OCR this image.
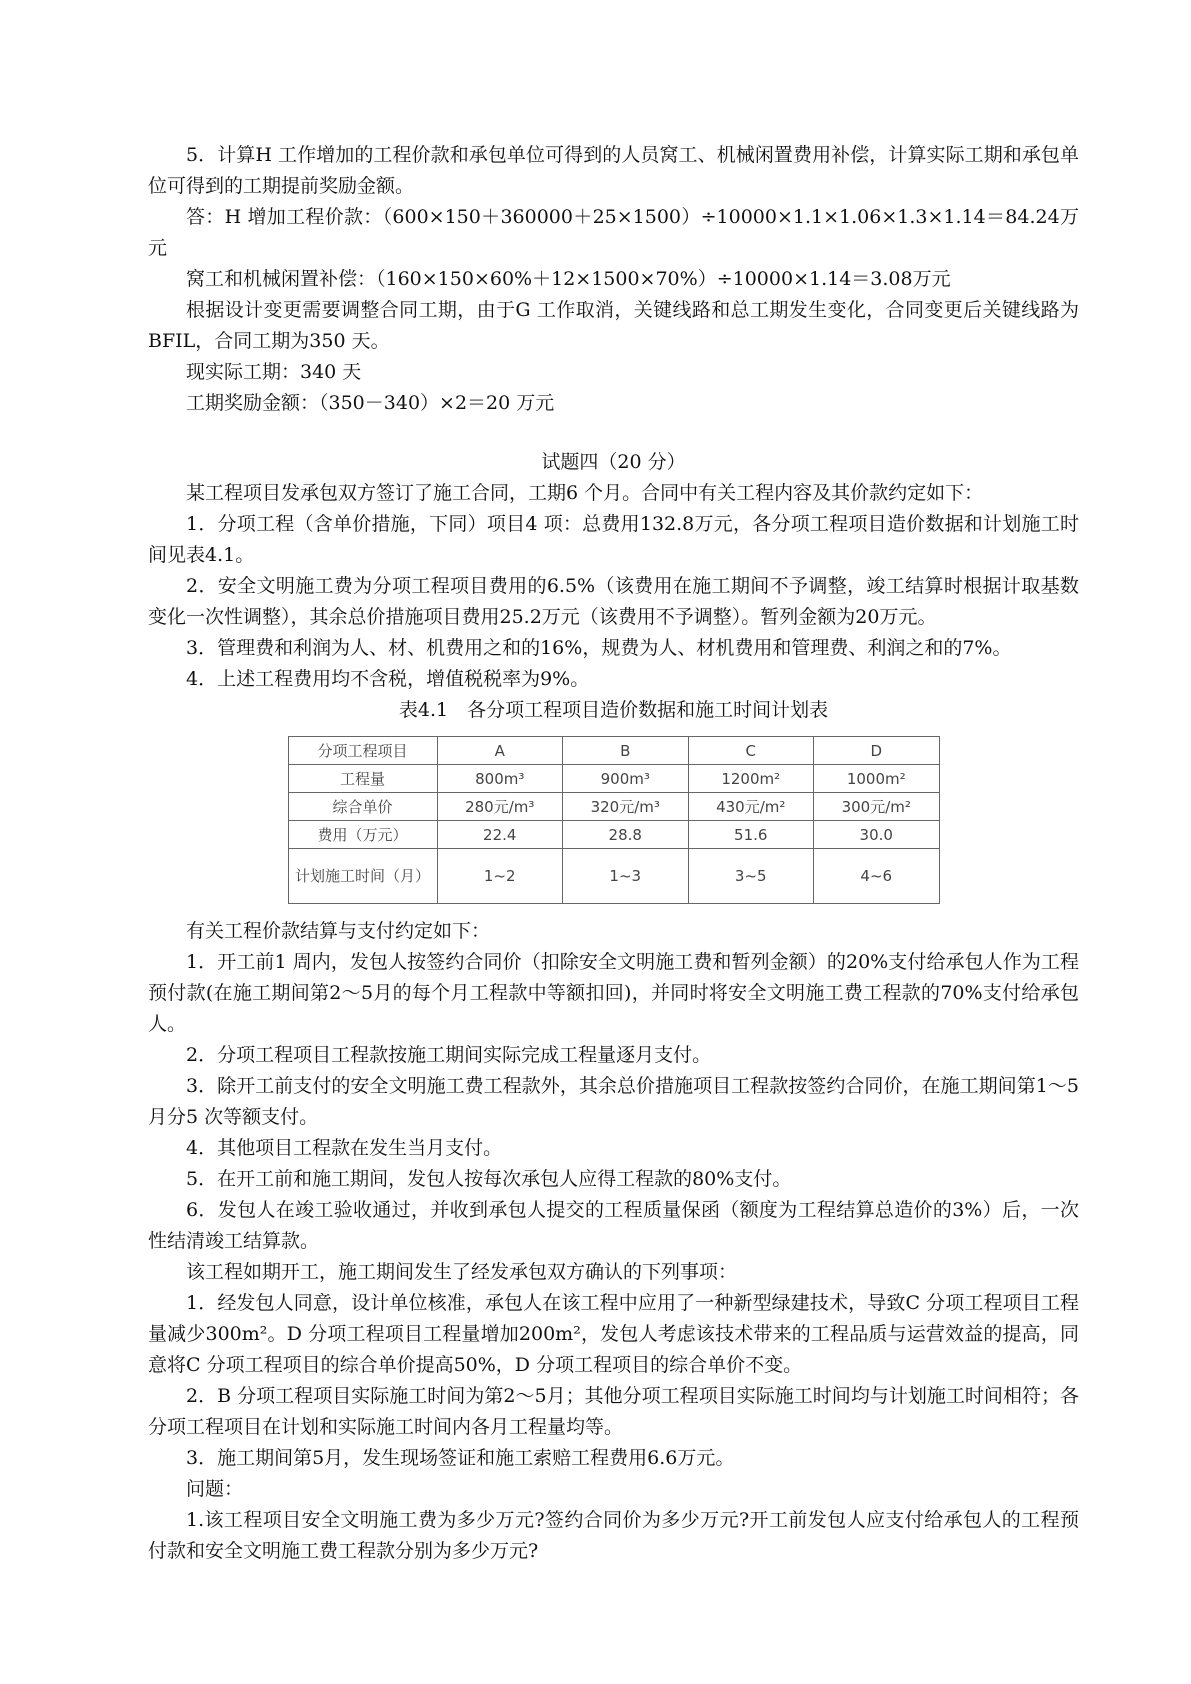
5．计算H 工作增加的工程价款和承包单位可得到的人员窝工、机械闲置费用补偿，计算实际工期和承包单位可得到的工期提前奖励金额。

答：H 增加工程价款：（600×150＋360000＋25×1500）÷10000×1.1×1.06×1.3×1.14＝84.24万元

窝工和机械闲置补偿：（160×150×60%＋12×1500×70%）÷10000×1.14＝3.08万元

根据设计变更需要调整合同工期，由于G 工作取消，关键线路和总工期发生变化，合同变更后关键线路为BFIL，合同工期为350 天。

现实际工期：340 天

工期奖励金额：（350－340）×2＝20 万元

试题四（20 分）

某工程项目发承包双方签订了施工合同，工期6 个月。合同中有关工程内容及其价款约定如下：

1．分项工程（含单价措施，下同）项目4 项：总费用132.8万元，各分项工程项目造价数据和计划施工时间见表4.1。

2．安全文明施工费为分项工程项目费用的6.5%（该费用在施工期间不予调整，竣工结算时根据计取基数变化一次性调整），其余总价措施项目费用25.2万元（该费用不予调整）。暂列金额为20万元。

3．管理费和利润为人、材、机费用之和的16%，规费为人、材机费用和管理费、利润之和的7%。

4．上述工程费用均不含税，增值税税率为9%。

表4.1　各分项工程项目造价数据和施工时间计划表

分项工程项目	A	B	C	D
工程量	800m³	900m³	1200m²	1000m²
综合单价	280元/m³	320元/m³	430元/m²	300元/m²
费用（万元）	22.4	28.8	51.6	30.0
计划施工时间（月）	1~2	1~3	3~5	4~6

有关工程价款结算与支付约定如下：

1．开工前1 周内，发包人按签约合同价（扣除安全文明施工费和暂列金额）的20%支付给承包人作为工程预付款(在施工期间第2～5月的每个月工程款中等额扣回)，并同时将安全文明施工费工程款的70%支付给承包人。

2．分项工程项目工程款按施工期间实际完成工程量逐月支付。

3．除开工前支付的安全文明施工费工程款外，其余总价措施项目工程款按签约合同价，在施工期间第1～5月分5 次等额支付。

4．其他项目工程款在发生当月支付。

5．在开工前和施工期间，发包人按每次承包人应得工程款的80%支付。

6．发包人在竣工验收通过，并收到承包人提交的工程质量保函（额度为工程结算总造价的3%）后，一次性结清竣工结算款。

该工程如期开工，施工期间发生了经发承包双方确认的下列事项：

1．经发包人同意，设计单位核准，承包人在该工程中应用了一种新型绿建技术，导致C 分项工程项目工程量减少300m²。D 分项工程项目工程量增加200m²，发包人考虑该技术带来的工程品质与运营效益的提高，同意将C 分项工程项目的综合单价提高50%，D 分项工程项目的综合单价不变。

2．B 分项工程项目实际施工时间为第2～5月；其他分项工程项目实际施工时间均与计划施工时间相符；各分项工程项目在计划和实际施工时间内各月工程量均等。

3．施工期间第5月，发生现场签证和施工索赔工程费用6.6万元。

问题：

1.该工程项目安全文明施工费为多少万元?签约合同价为多少万元?开工前发包人应支付给承包人的工程预付款和安全文明施工费工程款分别为多少万元?
